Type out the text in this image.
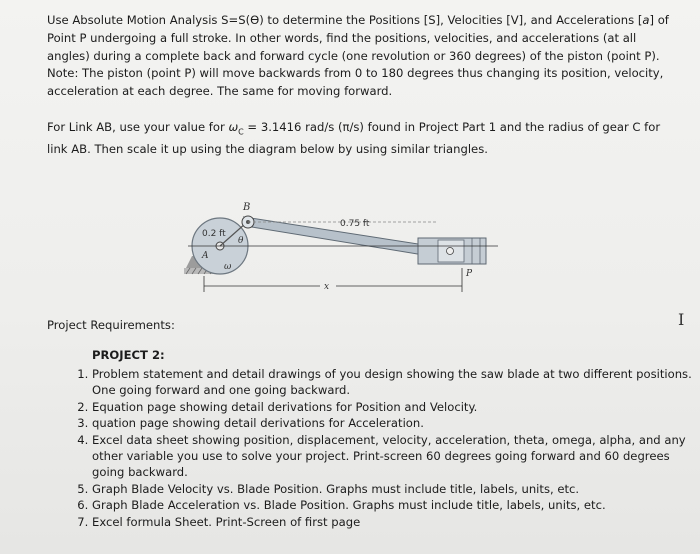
Use Absolute Motion Analysis S=S(ϴ) to determine the Positions [S], Velocities [V], and Accelerations [a] of Point P undergoing a full stroke. In other words, find the positions, velocities, and accelerations (at all angles) during a complete back and forward cycle (one revolution or 360 degrees) of the piston (point P). Note: The piston (point P) will move backwards from 0 to 180 degrees thus changing its position, velocity, acceleration at each degree. The same for moving forward.

For Link AB, use your value for $\omega_C = 3.1416$ rad/s (π/s) found in Project Part 1 and the radius of gear C for link AB. Then scale it up using the diagram below by using similar triangles.

B
0.2 ft
0.75 ft
θ
ω
A
x
P
Project Requirements:
PROJECT 2:
1. Problem statement and detail drawings of you design showing the saw blade at two different positions. One going forward and one going backward.
2. Equation page showing detail derivations for Position and Velocity.
3. quation page showing detail derivations for Acceleration.
4. Excel data sheet showing position, displacement, velocity, acceleration, theta, omega, alpha, and any other variable you use to solve your project. Print-screen 60 degrees going forward and 60 degrees going backward.
5. Graph Blade Velocity vs. Blade Position. Graphs must include title, labels, units, etc.
6. Graph Blade Acceleration vs. Blade Position. Graphs must include title, labels, units, etc.
7. Excel formula Sheet. Print-Screen of first page
I
